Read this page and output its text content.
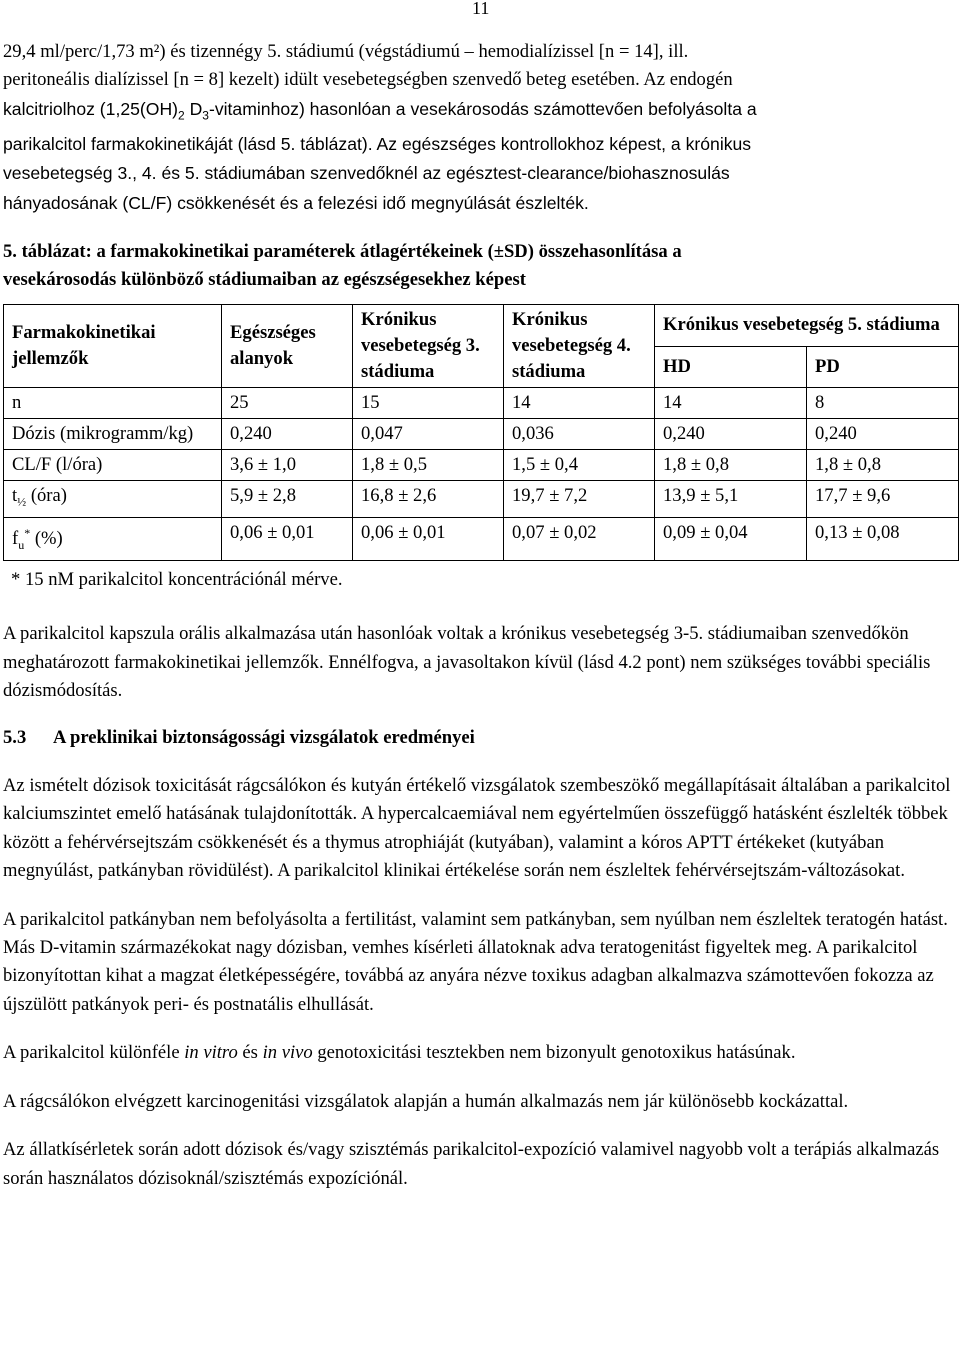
11

29,4 ml/perc/1,73 m²) és tizennégy 5. stádiumú (végstádiumú – hemodialízissel [n = 14], ill.
peritoneális dialízissel [n = 8] kezelt) idült vesebetegségben szenvedő beteg esetében. Az endogén
kalcitriolhoz ($1,25(OH)_2$ $D_3-vitaminhoz$) hasonlóan a vesekárosodás számottevően befolyásolta a
parikalcitol farmakokinetikáját (lásd 5. táblázat). Az egészséges kontrollokhoz képest, a krónikus
vesebetegség 3., 4. és 5. stádiumában szenvedőknél az egésztest-clearance/biohasznosulás
hányadosának (CL/F) csökkenését és a felezési idő megnyúlását észlelték.

5. táblázat: a farmakokinetikai paraméterek átlagértékeinek (±SD) összehasonlítása a
vesekárosodás különböző stádiumaiban az egészségesekhez képest

Farmakokinetikai jellemzők	Egészséges alanyok	Krónikus vesebetegség 3. stádiuma	Krónikus vesebetegség 4. stádiuma	Krónikus vesebetegség 5. stádiuma	
				HD	PD
n	25	15	14	14	8
Dózis (mikrogramm/kg)	0,240	0,047	0,036	0,240	0,240
CL/F (l/óra)	3,6 ± 1,0	1,8 ± 0,5	1,5 ± 0,4	1,8 ± 0,8	1,8 ± 0,8
$t_{\frac{1}{2}}$ (óra)	5,9 ± 2,8	16,8 ± 2,6	19,7 ± 7,2	13,9 ± 5,1	17,7 ± 9,6
$f_u^*$ (%)	0,06 ± 0,01	0,06 ± 0,01	0,07 ± 0,02	0,09 ± 0,04	0,13 ± 0,08

* 15 nM parikalcitol koncentrációnál mérve.

A parikalcitol kapszula orális alkalmazása után hasonlóak voltak a krónikus vesebetegség 3-5. stádiumaiban szenvedőkön meghatározott farmakokinetikai jellemzők. Ennélfogva, a javasoltakon kívül (lásd 4.2 pont) nem szükséges további speciális dózismódosítás.

5.3 A preklinikai biztonságossági vizsgálatok eredményei

Az ismételt dózisok toxicitását rágcsálókon és kutyán értékelő vizsgálatok szembeszökő megállapításait általában a parikalcitol kalciumszintet emelő hatásának tulajdonították. A hypercalcaemiával nem egyértelműen összefüggő hatásként észlelték többek között a fehérvérsejtszám csökkenését és a thymus atrophiáját (kutyában), valamint a kóros APTT értékeket (kutyában megnyúlást, patkányban rövidülést). A parikalcitol klinikai értékelése során nem észleltek fehérvérsejtszám-változásokat.

A parikalcitol patkányban nem befolyásolta a fertilitást, valamint sem patkányban, sem nyúlban nem észleltek teratogén hatást. Más D-vitamin származékokat nagy dózisban, vemhes kísérleti állatoknak adva teratogenitást figyeltek meg. A parikalcitol bizonyítottan kihat a magzat életképességére, továbbá az anyára nézve toxikus adagban alkalmazva számottevően fokozza az újszülött patkányok peri- és postnatális elhullását.

A parikalcitol különféle in vitro és in vivo genotoxicitási tesztekben nem bizonyult genotoxikus hatásúnak.

A rágcsálókon elvégzett karcinogenitási vizsgálatok alapján a humán alkalmazás nem jár különösebb kockázattal.

Az állatkísérletek során adott dózisok és/vagy szisztémás parikalcitol-expozíció valamivel nagyobb volt a terápiás alkalmazás során használatos dózisoknál/szisztémás expozíciónál.
